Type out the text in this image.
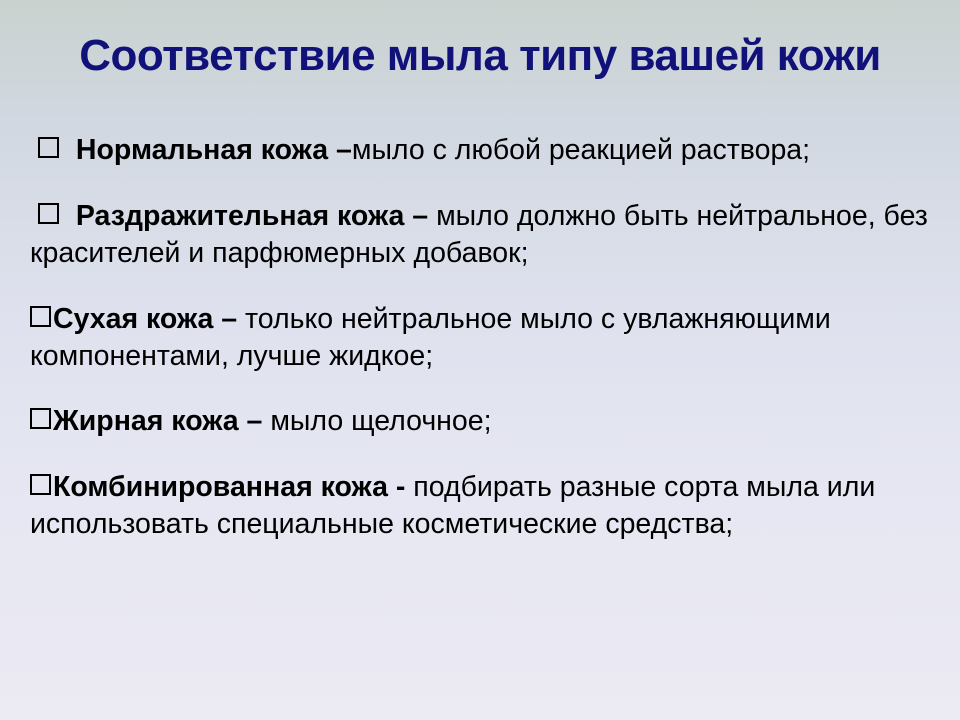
Соответствие мыла типу вашей кожи

Нормальная кожа –мыло с любой реакцией раствора;

Раздражительная кожа – мыло должно быть нейтральное, без красителей и парфюмерных добавок;

Сухая кожа – только нейтральное мыло с увлажняющими компонентами, лучше жидкое;

Жирная кожа – мыло щелочное;

Комбинированная кожа - подбирать разные сорта мыла или использовать специальные косметические средства;
